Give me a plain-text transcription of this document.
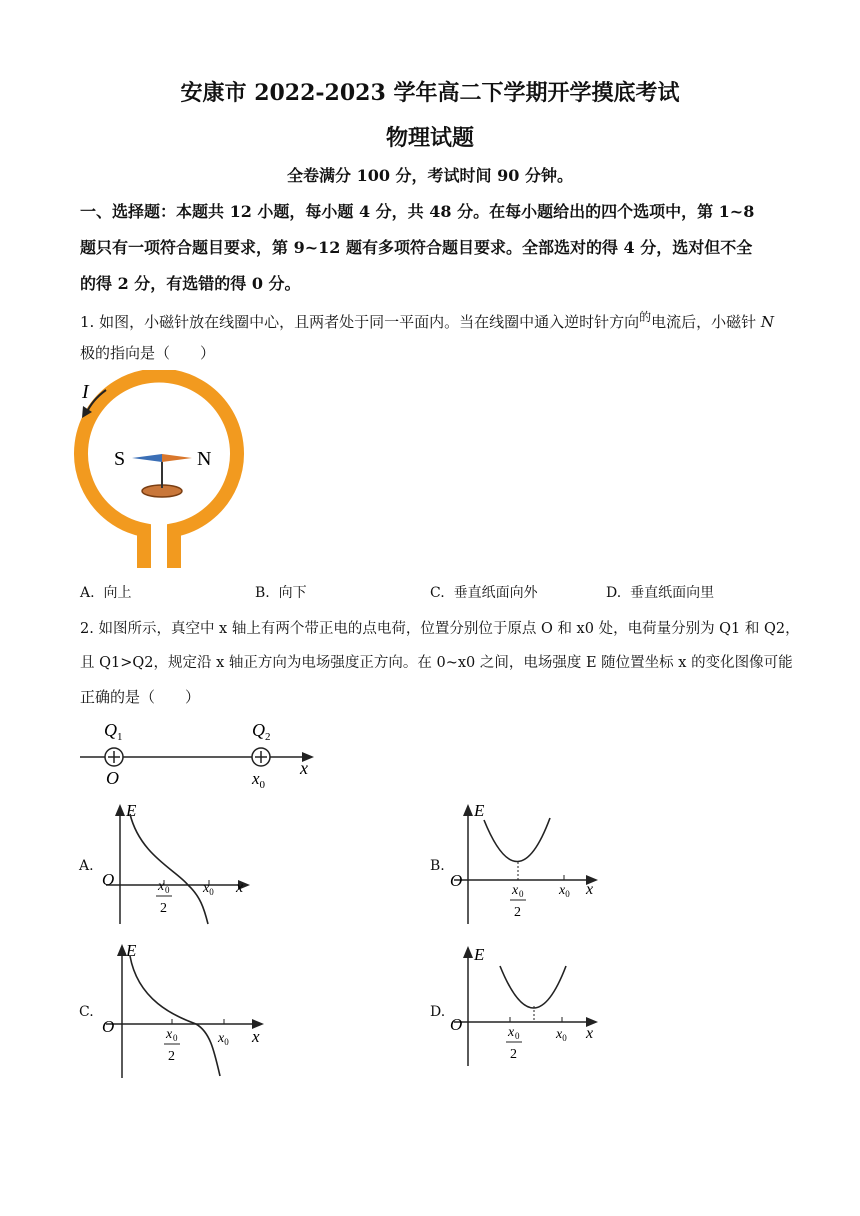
安康市 2022-2023 学年高二下学期开学摸底考试
物理试题
全卷满分 100 分，考试时间 90 分钟。
一、选择题：本题共 12 小题，每小题 4 分，共 48 分。在每小题给出的四个选项中，第 1~8
题只有一项符合题目要求，第 9~12 题有多项符合题目要求。全部选对的得 4 分，选对但不全
的得 2 分，有选错的得 0 分。
1. 如图，小磁针放在线圈中心，且两者处于同一平面内。当在线圈中通入逆时针方向$^的$电流后，小磁针 N
极的指向是（　　）
I
S	N
A. 向上	B. 向下	C. 垂直纸面向外	D. 垂直纸面向里
2. 如图所示，真空中 x 轴上有两个带正电的点电荷，位置分别位于原点 O 和 x0 处，电荷量分别为 Q1 和 Q2，
且 Q1>Q2，规定沿 x 轴正方向为电场强度正方向。在 0~x0 之间，电场强度 E 随位置坐标 x 的变化图像可能
正确的是（　　）
$Q_1$	$Q_2$
O	$x_0$
x
A.
E
O	x
$x_0$
x 0
2
B.
E
O	x
$x_0$
x 0
2
C.
E
O
x
$x_0$
x 0
2
D.
E
O	x
$x_0$
x 0
2
